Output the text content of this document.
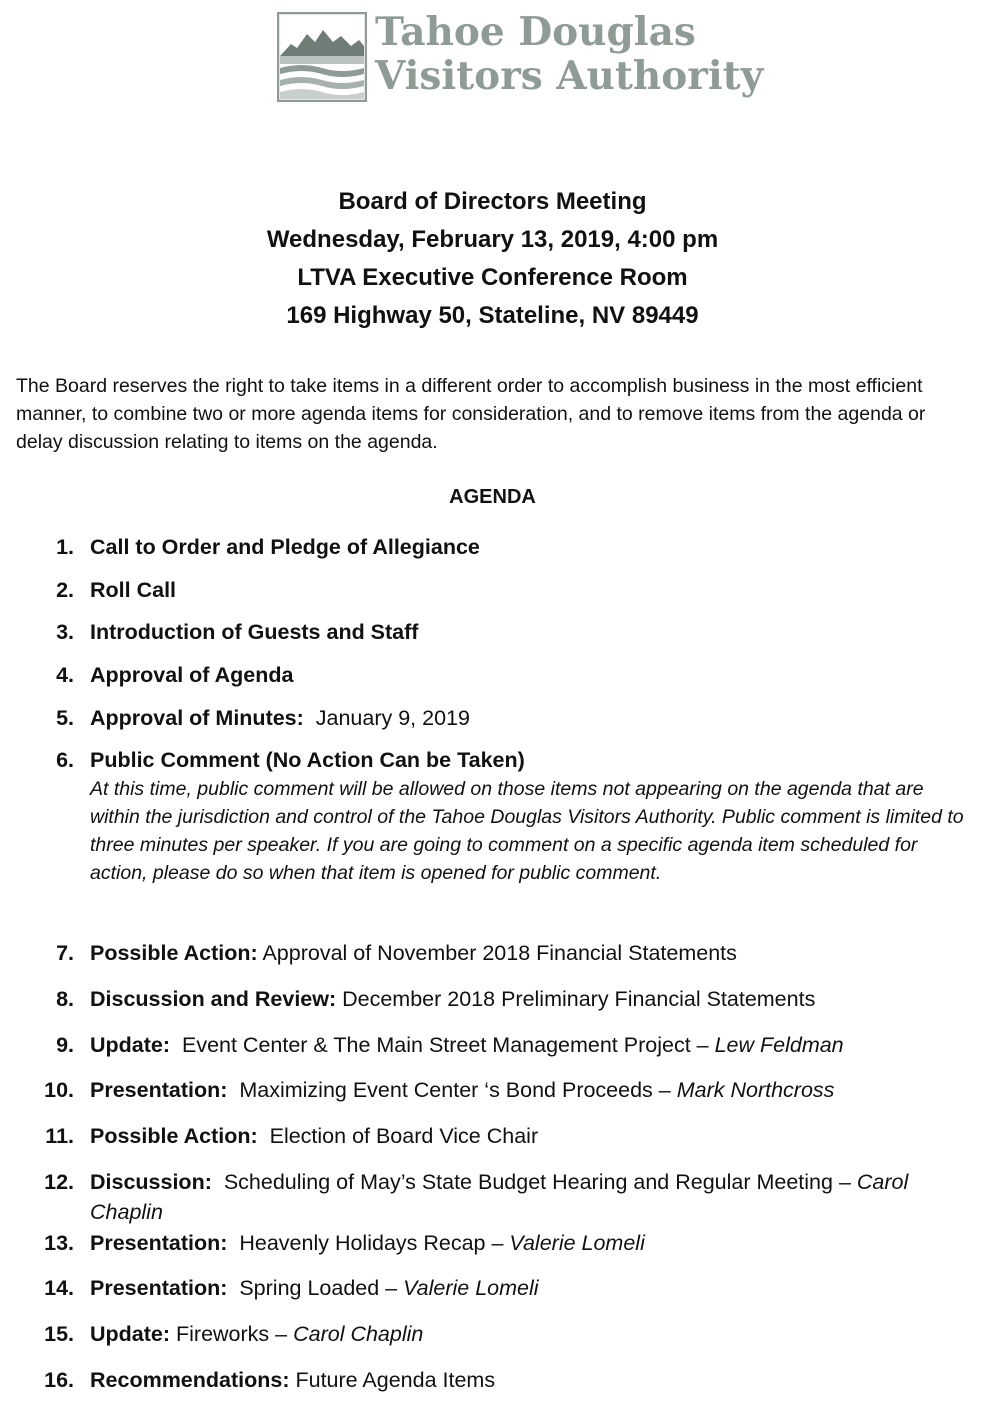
Tahoe Douglas
Visitors Authority
Board of Directors Meeting
Wednesday, February 13, 2019, 4:00 pm
LTVA Executive Conference Room
169 Highway 50, Stateline, NV 89449
The Board reserves the right to take items in a different order to accomplish business in the most efficient manner, to combine two or more agenda items for consideration, and to remove items from the agenda or delay discussion relating to items on the agenda.
AGENDA
1. Call to Order and Pledge of Allegiance
2. Roll Call
3. Introduction of Guests and Staff
4. Approval of Agenda
5. Approval of Minutes:  January 9, 2019
6. Public Comment (No Action Can be Taken)
At this time, public comment will be allowed on those items not appearing on the agenda that are within the jurisdiction and control of the Tahoe Douglas Visitors Authority. Public comment is limited to three minutes per speaker. If you are going to comment on a specific agenda item scheduled for action, please do so when that item is opened for public comment.
7. Possible Action: Approval of November 2018 Financial Statements
8. Discussion and Review: December 2018 Preliminary Financial Statements
9. Update:  Event Center & The Main Street Management Project – Lew Feldman
10. Presentation:  Maximizing Event Center ‘s Bond Proceeds – Mark Northcross
11. Possible Action:  Election of Board Vice Chair
12. Discussion:  Scheduling of May’s State Budget Hearing and Regular Meeting – Carol Chaplin
13. Presentation:  Heavenly Holidays Recap – Valerie Lomeli
14. Presentation:  Spring Loaded – Valerie Lomeli
15. Update: Fireworks – Carol Chaplin
16. Recommendations: Future Agenda Items
